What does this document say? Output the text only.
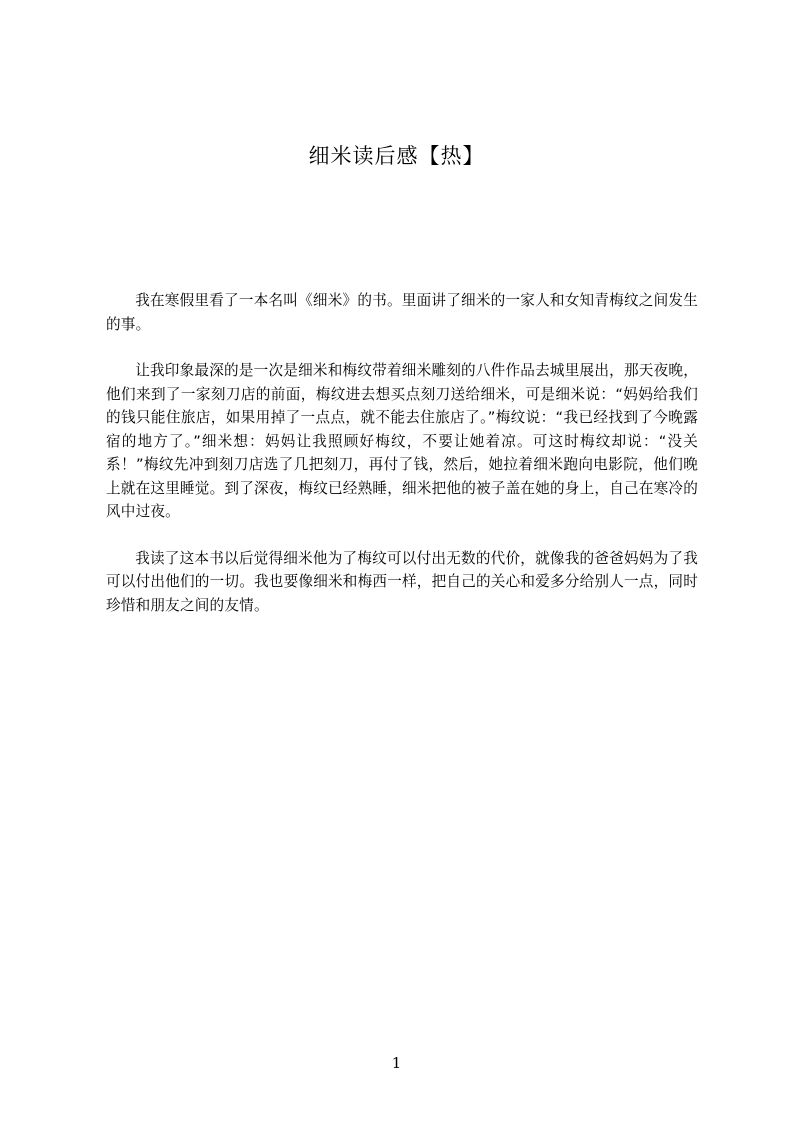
细米读后感【热】

我在寒假里看了一本名叫《细米》的书。里面讲了细米的一家人和女知青梅纹之间发生的事。

让我印象最深的是一次是细米和梅纹带着细米雕刻的八件作品去城里展出，那天夜晚，他们来到了一家刻刀店的前面，梅纹进去想买点刻刀送给细米，可是细米说：“妈妈给我们的钱只能住旅店，如果用掉了一点点，就不能去住旅店了。”梅纹说：“我已经找到了今晚露宿的地方了。”细米想：妈妈让我照顾好梅纹，不要让她着凉。可这时梅纹却说：“没关系！”梅纹先冲到刻刀店选了几把刻刀，再付了钱，然后，她拉着细米跑向电影院，他们晚上就在这里睡觉。到了深夜，梅纹已经熟睡，细米把他的被子盖在她的身上，自己在寒冷的风中过夜。

我读了这本书以后觉得细米他为了梅纹可以付出无数的代价，就像我的爸爸妈妈为了我可以付出他们的一切。我也要像细米和梅西一样，把自己的关心和爱多分给别人一点，同时珍惜和朋友之间的友情。

1
